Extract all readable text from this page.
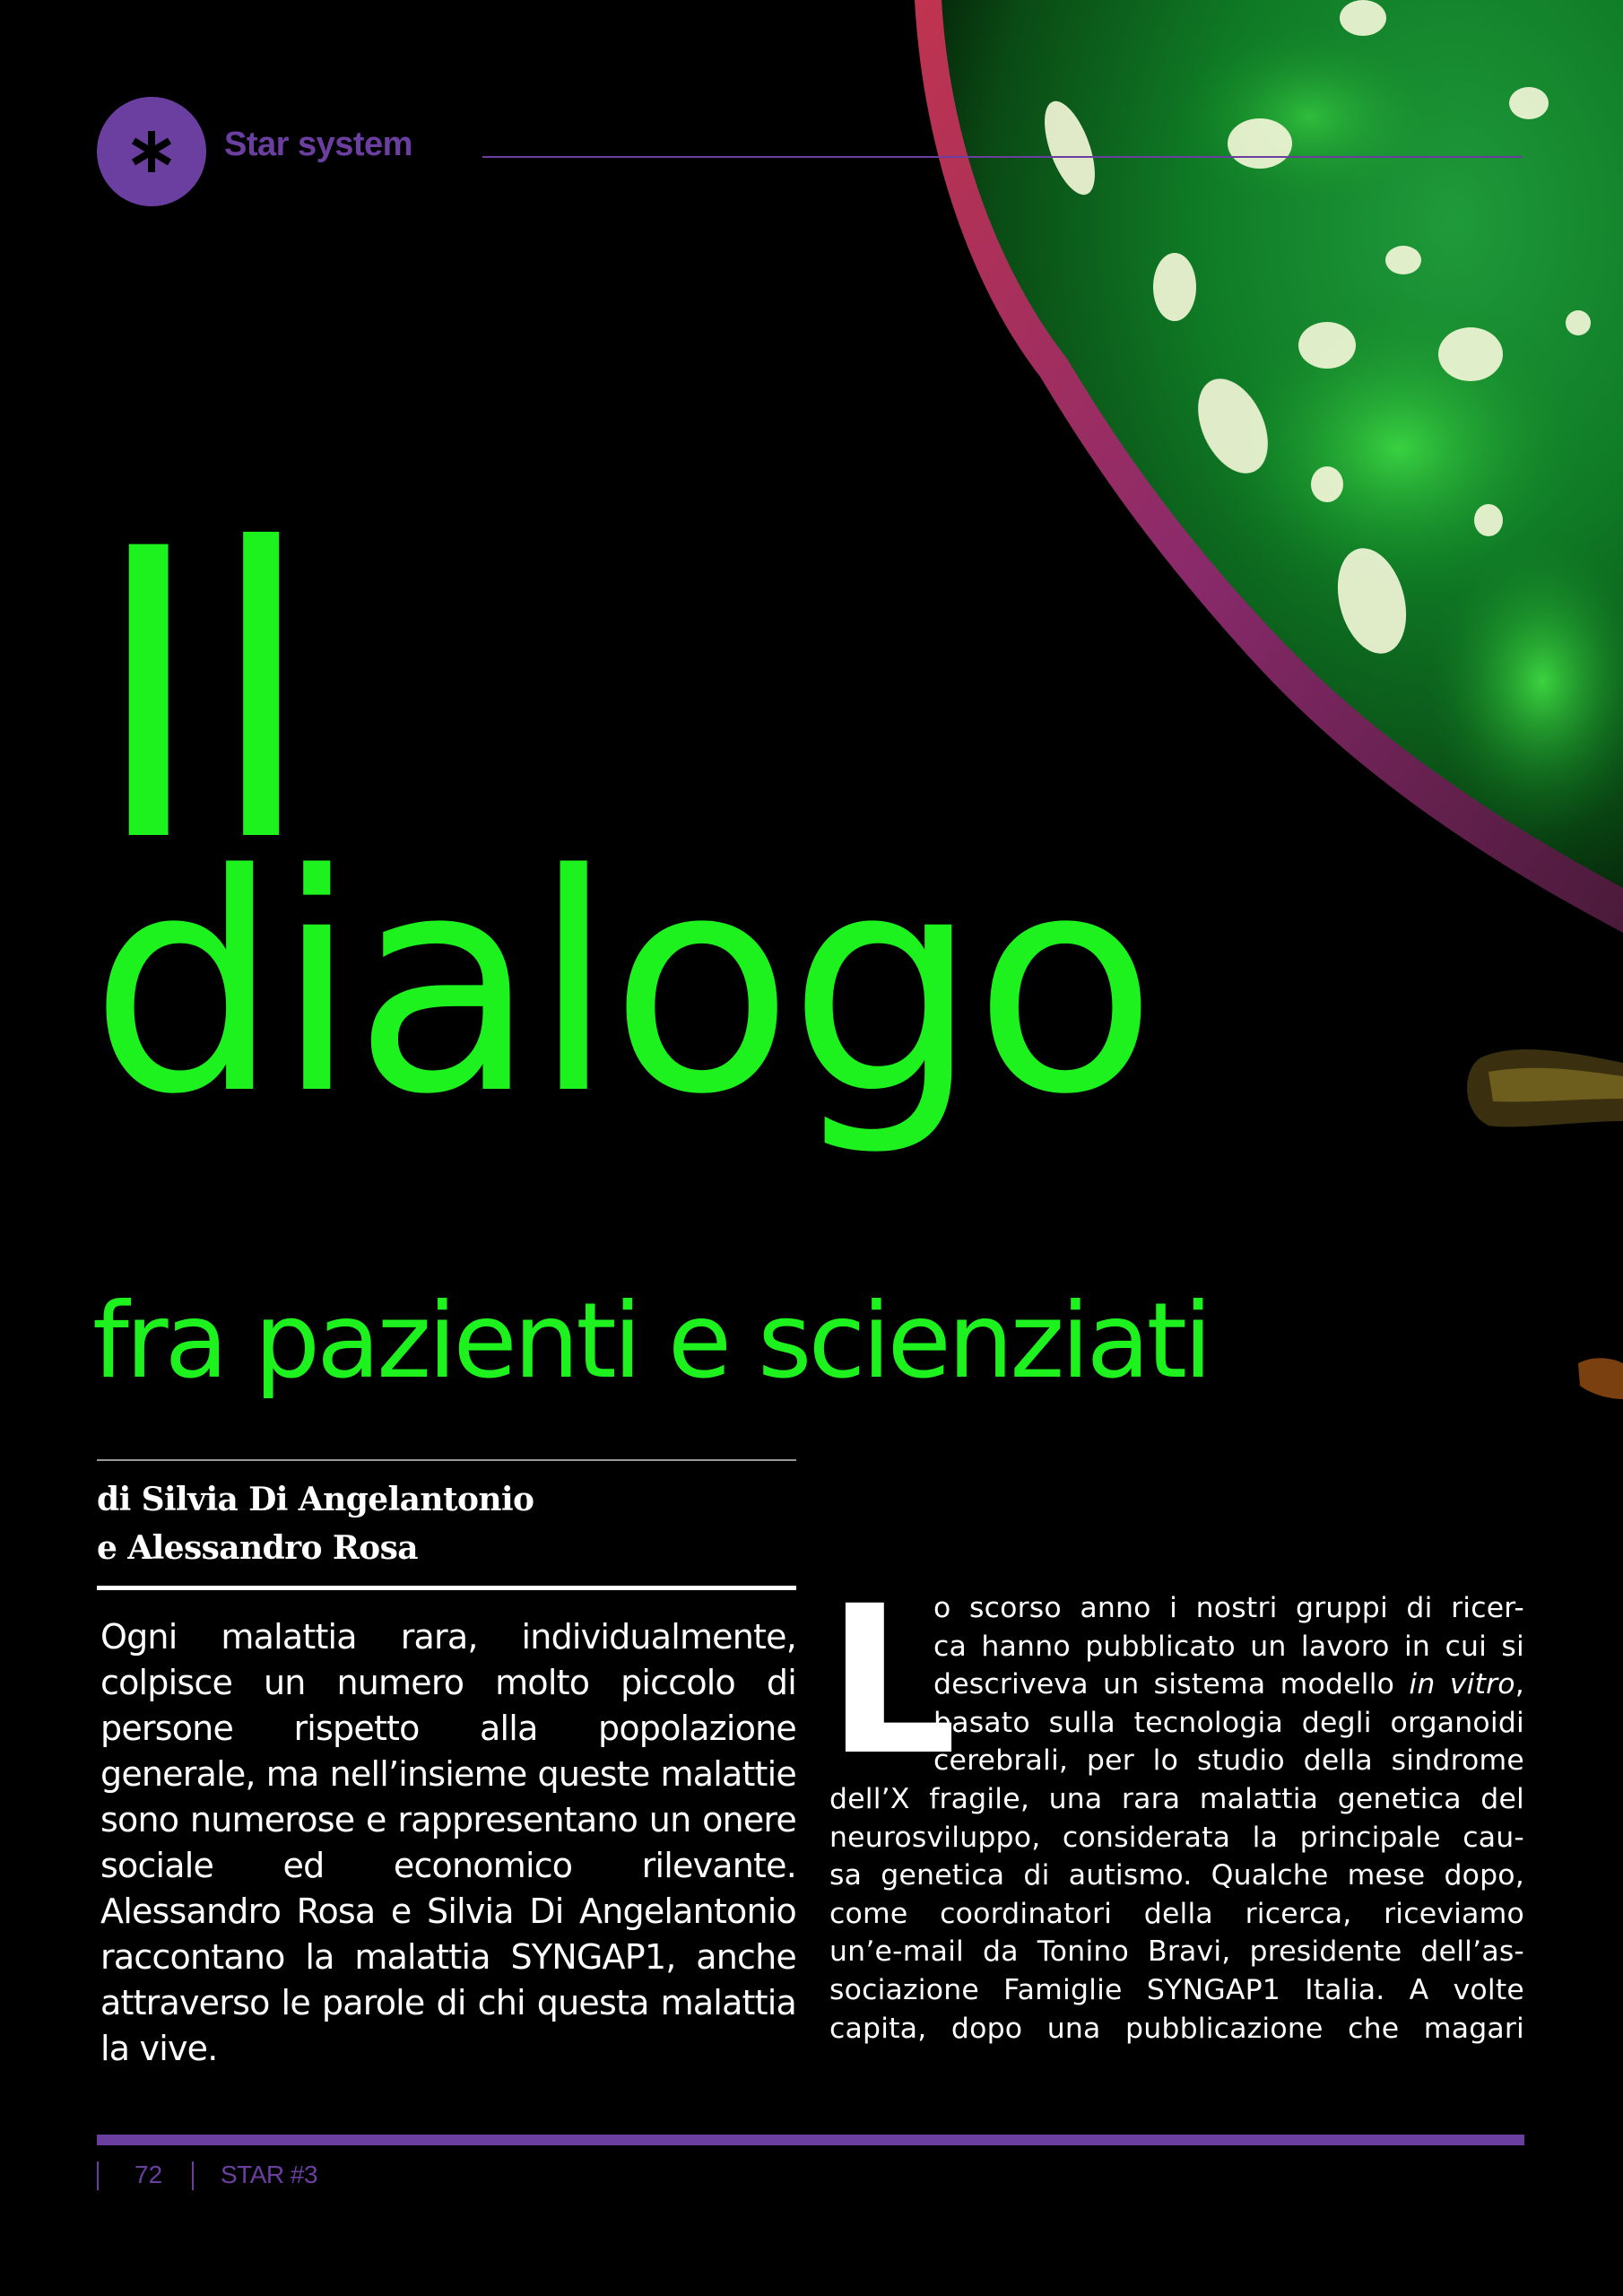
Star system
Il
dialogo
fra pazienti e scienziati
di Silvia Di Angelantonio
e Alessandro Rosa

Ogni malattia rara, individualmente, colpisce un numero molto piccolo di persone rispetto alla popolazione generale, ma nell’insieme queste malattie sono numerose e rappresentano un onere sociale ed economico rilevante. Alessandro Rosa e Silvia Di Angelantonio raccontano la malattia SYNGAP1, anche attraverso le parole di chi questa malattia la vive.

L
o scorso anno i nostri gruppi di ricer-
ca hanno pubblicato un lavoro in cui si
descriveva un sistema modello in vitro,
basato sulla tecnologia degli organoidi
cerebrali, per lo studio della sindrome
dell’X fragile, una rara malattia genetica del
neurosviluppo, considerata la principale cau-
sa genetica di autismo. Qualche mese dopo,
come coordinatori della ricerca, riceviamo
un’e-mail da Tonino Bravi, presidente dell’as-
sociazione Famiglie SYNGAP1 Italia. A volte
capita, dopo una pubblicazione che magari
72 STAR #3
